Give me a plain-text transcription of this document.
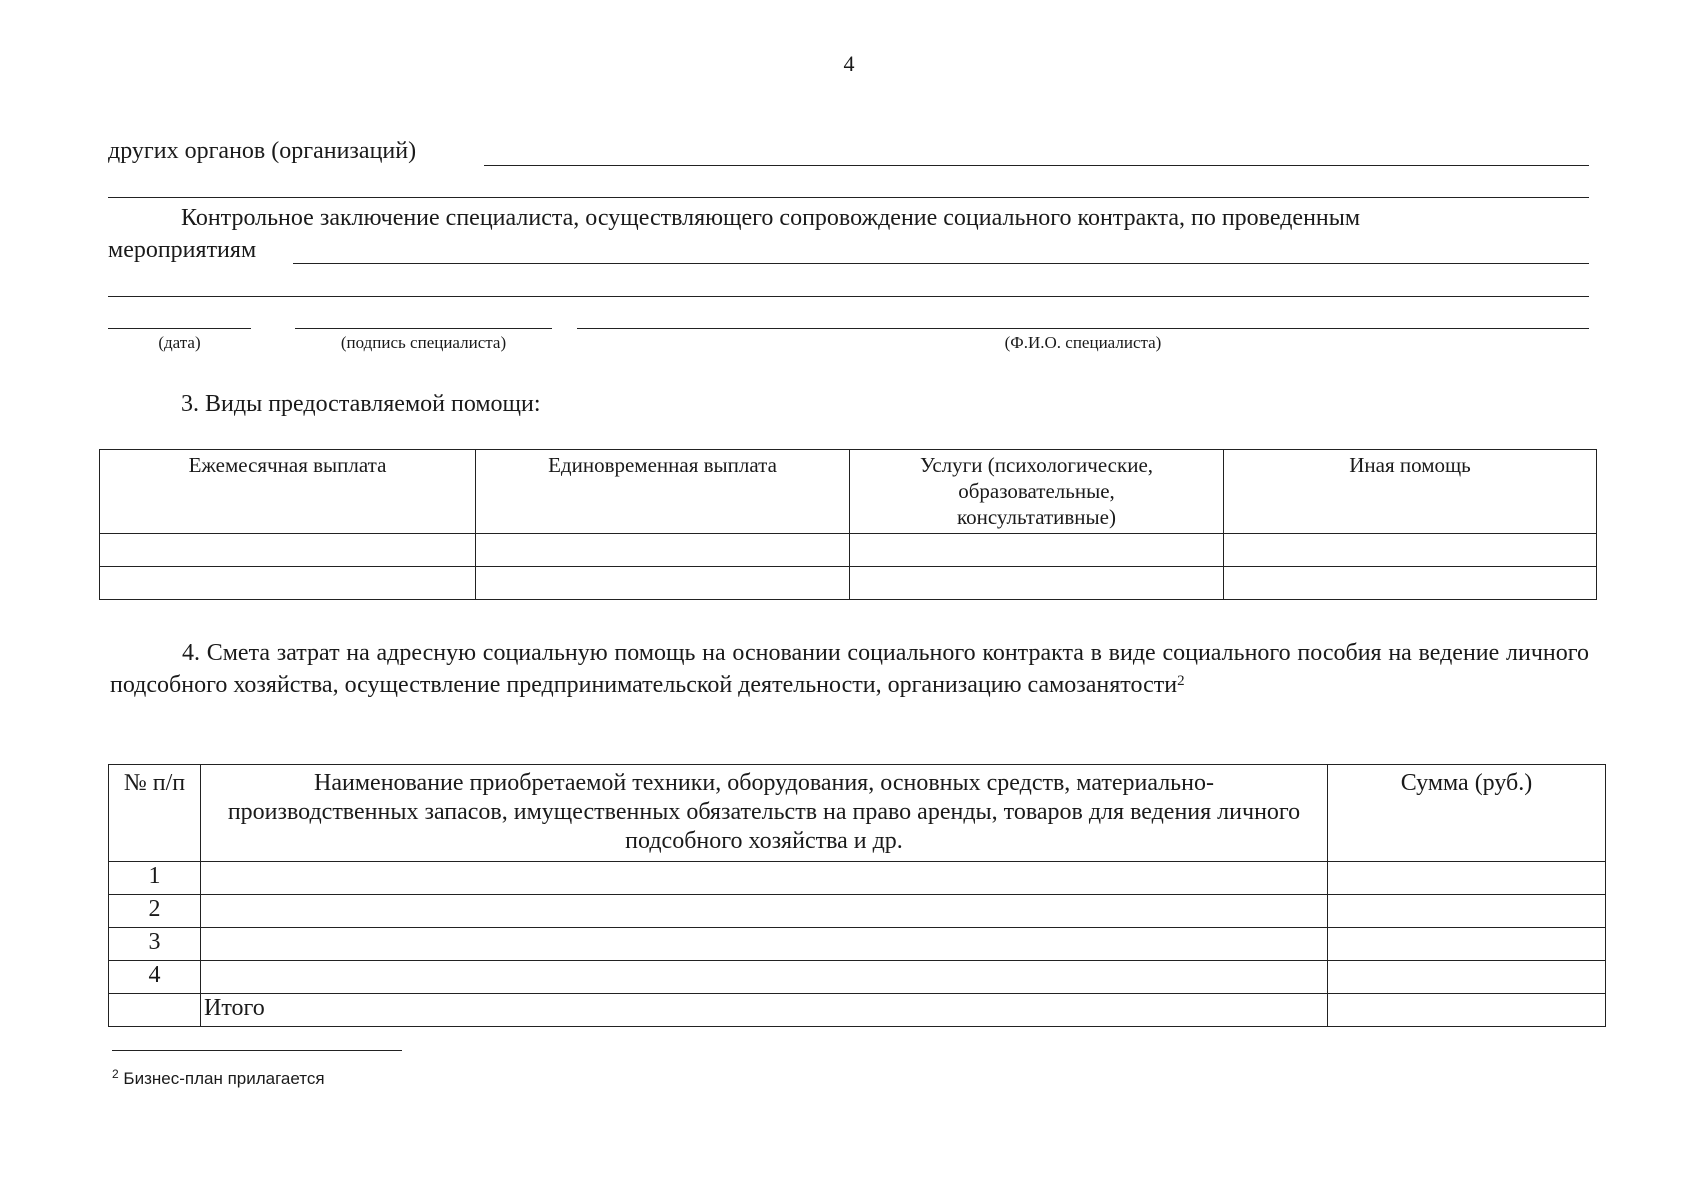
4
других органов (организаций)
Контрольное заключение специалиста, осуществляющего сопровождение социального контракта, по проведенным
мероприятиям
(дата)	(подпись специалиста)	(Ф.И.О. специалиста)
3. Виды предоставляемой помощи:
Ежемесячная выплата	Единовременная выплата	Услуги (психологические, образовательные, консультативные)	Иная помощь

4. Смета затрат на адресную социальную помощь на основании социального контракта в виде социального пособия на ведение личного подсобного хозяйства, осуществление предпринимательской деятельности, организацию самозанятости$^2$
№ п/п	Наименование приобретаемой техники, оборудования, основных средств, материально-производственных запасов, имущественных обязательств на право аренды, товаров для ведения личного подсобного хозяйства и др.	Сумма (руб.)

1		
2		
3		
4		
	Итого	
$^2$ Бизнес-план прилагается
